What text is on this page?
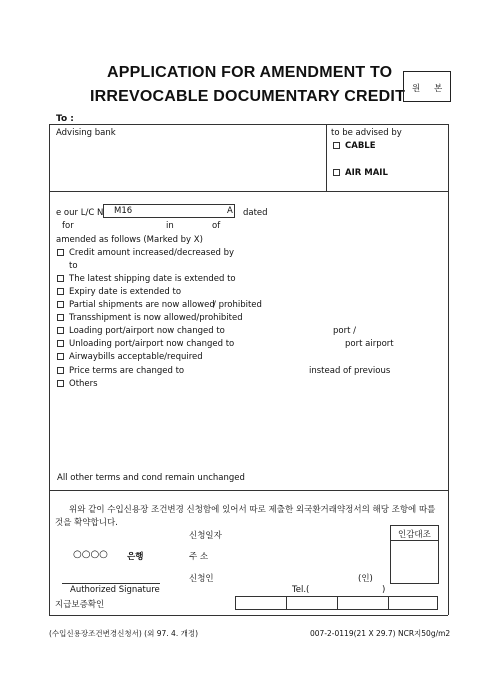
APPLICATION FOR AMENDMENT TO
IRREVOCABLE DOCUMENTARY CREDIT 원 본
To :
Advising bank	to be advised by
CABLE
AIR MAIL
e our L/C N M16	A dated
for	in	of
amended as follows (Marked by X)
Credit amount increased/decreased by
to
The latest shipping date is extended to
Expiry date is extended to
Partial shipments are now allowed
/ prohibited
Transshipment is now allowed/prohibited
Loading port/airport now changed to	port /
Unloading port/airport now changed to	port airport
Airwaybills acceptable/required
Price terms are changed to	instead of previous
Others
All other terms and cond remain unchanged
위와 같이 수입신용장 조건변경 신청함에 있어서 따로 제출한 외국환거래약정서의 해당 조항에 따를
것을 확약합니다.
신청일자	인감대조
○○○○ 은행	주 소
신청인	(인)
Authorized Signature	Tel.(	)
지급보증확인
(수입신용장조건변경신청서) (외 97. 4. 개정)	007-2-0119(21 X 29.7) NCR지50g/m2
